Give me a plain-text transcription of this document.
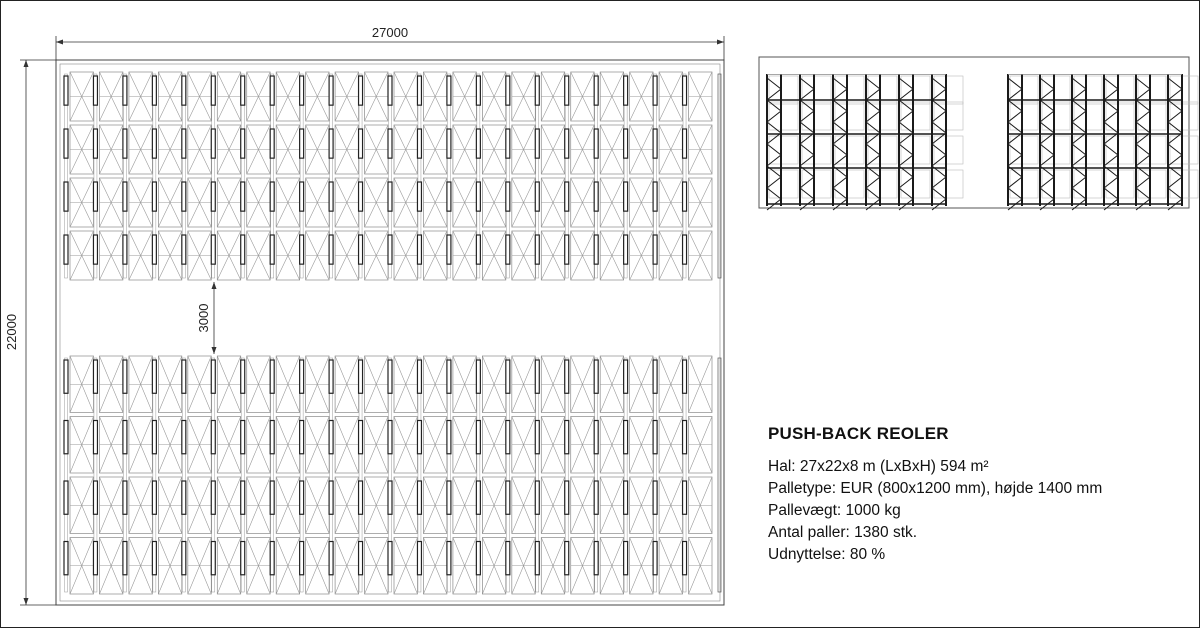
27000
22000	3000
PUSH-BACK REOLER
Hal: 27x22x8 m (LxBxH) 594 m²
Palletype: EUR (800x1200 mm), højde 1400 mm
Pallevægt: 1000 kg
Antal paller: 1380 stk.
Udnyttelse: 80 %
